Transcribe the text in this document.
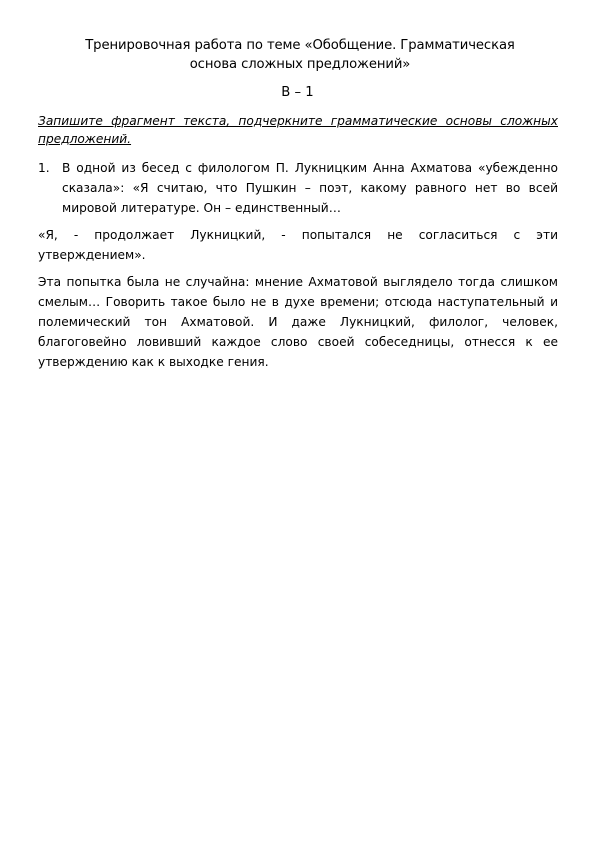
Тренировочная работа по теме «Обобщение. Грамматическая
основа сложных предложений»
В – 1
Запишите фрагмент текста, подчеркните грамматические основы сложных предложений.
1.	В одной из бесед с филологом П. Лукницким Анна Ахматова «убежденно сказала»: «Я считаю, что Пушкин – поэт, какому равного нет во всей мировой литературе. Он – единственный…
«Я, - продолжает Лукницкий, - попытался не согласиться с эти утверждением».
Эта попытка была не случайна: мнение Ахматовой выглядело тогда слишком смелым… Говорить такое было не в духе времени; отсюда наступательный и полемический тон Ахматовой. И даже Лукницкий, филолог, человек, благоговейно ловивший каждое слово своей собеседницы, отнесся к ее утверждению как к выходке гения.
